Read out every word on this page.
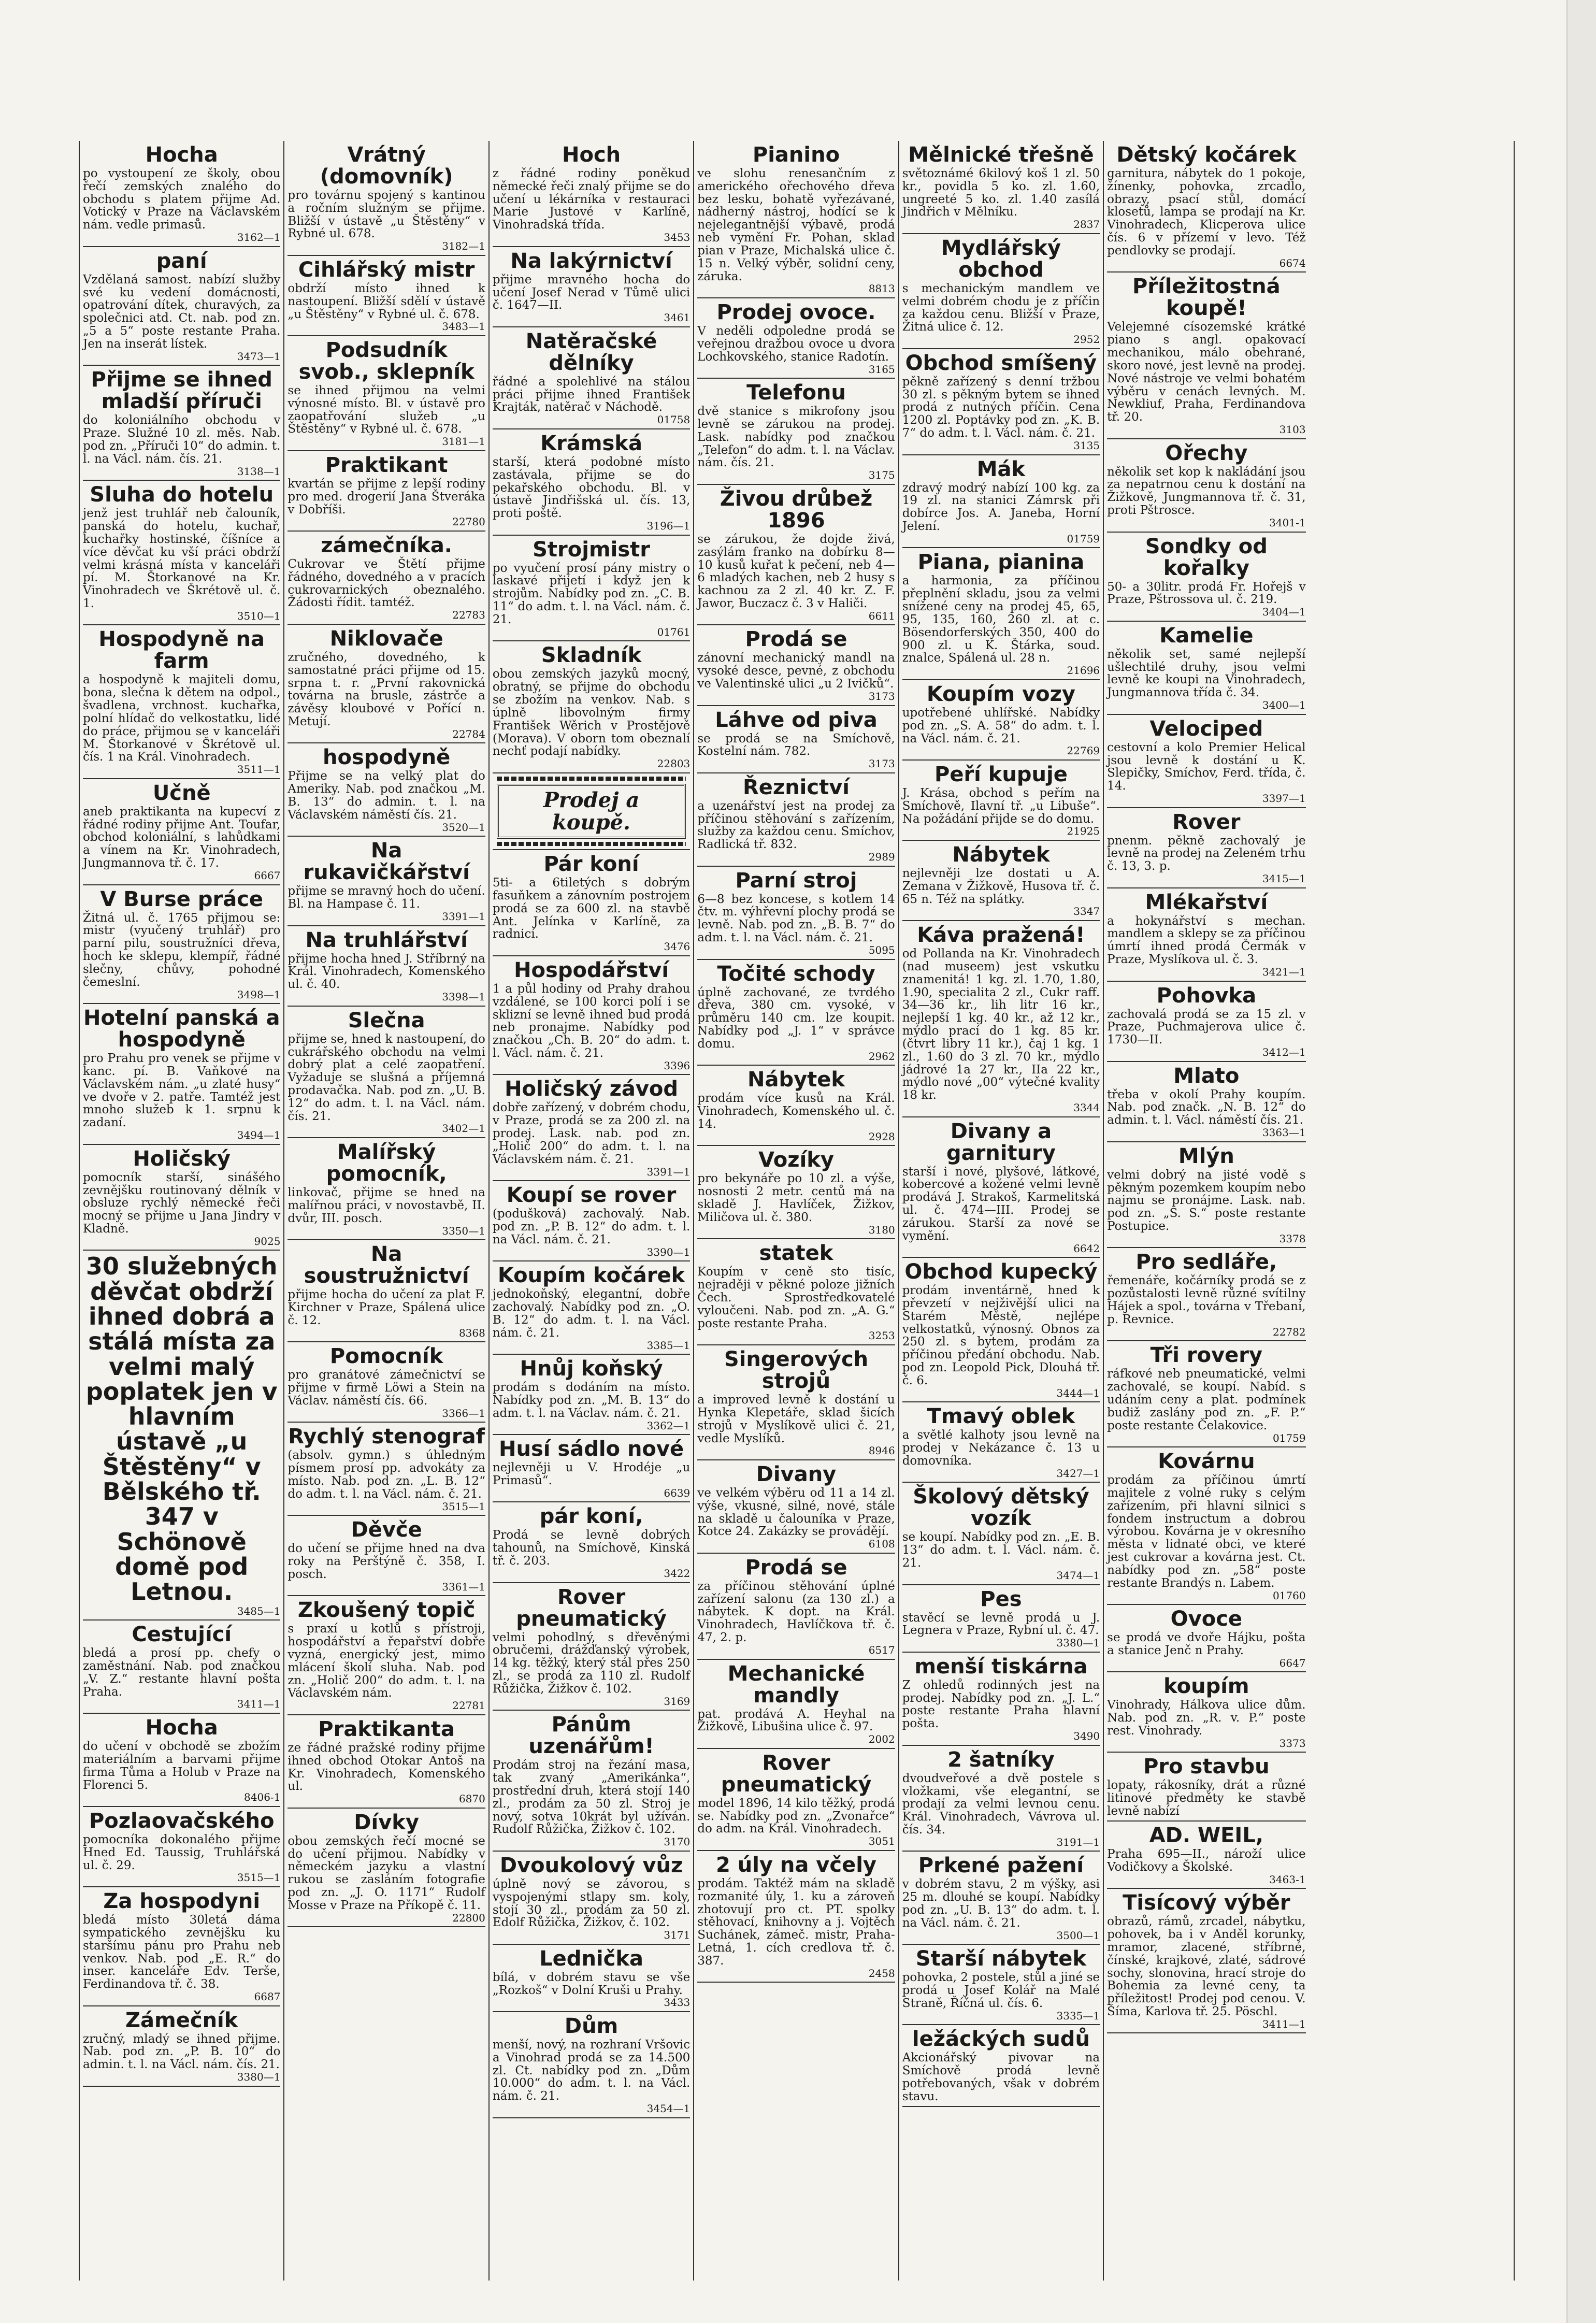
Hocha

po vystoupení ze školy, obou řečí zemských znalého do obchodu s platem přijme Ad. Votický v Praze na Václavském nám. vedle primasů.

3162—1
paní

Vzdělaná samost. nabízí služby své ku vedení domácnosti, opatrování dítek, churavých, za společnici atd. Ct. nab. pod zn. „5 a 5“ poste restante Praha. Jen na inserát lístek.

3473—1
Přijme se ihned mladší příruči

do koloniálního obchodu v Praze. Služné 10 zl. měs. Nab. pod zn. „Příruči 10“ do admin. t. l. na Václ. nám. čís. 21.

3138—1
Sluha do hotelu

jenž jest truhlář neb čalouník, panská do hotelu, kuchař, kuchařky hostinské, číšníce a více děvčat ku vší práci obdrží velmi krásná místa v kanceláři pí. M. Štorkanové na Kr. Vinohradech ve Škrétově ul. č. 1.

3510—1
Hospodyně na farm

a hospodyně k majiteli domu, bona, slečna k dětem na odpol., švadlena, vrchnost. kuchařka, polní hlídač do velkostatku, lidé do práce, přijmou se v kanceláři M. Štorkanové v Škrétově ul. čís. 1 na Král. Vinohradech.

3511—1
Učně

aneb praktikanta na kupecví z řádné rodiny přijme Ant. Toufar, obchod koloniální, s lahůdkami a vínem na Kr. Vinohradech, Jungmannova tř. č. 17.

6667
V Burse práce

Žitná ul. č. 1765 přijmou se: mistr (vyučený truhlář) pro parní pilu, soustružníci dřeva, hoch ke sklepu, klempíř, řádné slečny, chůvy, pohodné čemeslní.

3498—1
Hotelní panská a hospodyně

pro Prahu pro venek se přijme v kanc. pí. B. Vaňkové na Václavském nám. „u zlaté husy“ ve dvoře v 2. patře. Tamtéž jest mnoho služeb k 1. srpnu k zadaní.

3494—1
Holičský

pomocník starší, sinášého zevnějšku routinovaný dělník v obsluze rychlý německé řeči mocný se přijme u Jana Jindry v Kladně.

9025
30 služebných děvčat obdrží ihned dobrá a stálá místa za velmi malý poplatek jen v hlavním ústavě „u Štěstěny“ v Bělského tř. 347 v Schönově domě pod Letnou.
3485—1
Cestující

bledá a prosí pp. chefy o zaměstnání. Nab. pod značkou „V. Z.“ restante hlavní pošta Praha.

3411—1
Hocha

do učení v obchodě se zbožím materiálním a barvami přijme firma Tůma a Holub v Praze na Florenci 5.

8406-1
Pozlaovačského

pomocníka dokonalého přijme Hned Ed. Taussig, Truhlářská ul. č. 29.

3515—1
Za hospodyni

bledá místo 30letá dáma sympatického zevnějšku ku staršímu pánu pro Prahu neb venkov. Nab. pod „E. R.“ do inser. kanceláře Edv. Terše, Ferdinandova tř. č. 38.

6687
Zámečník

zručný, mladý se ihned přijme. Nab. pod zn. „P. B. 10“ do admin. t. l. na Václ. nám. čís. 21.

3380—1
Vrátný (domovník)

pro továrnu spojený s kantinou a ročním služným se přijme. Bližší v ústavě „u Štěstěny“ v Rybné ul. 678.

3182—1
Cihlářský mistr

obdrží místo ihned k nastoupení. Bližší sdělí v ústavě „u Štěstěny“ v Rybné ul. č. 678.

3483—1
Podsudník svob., sklepník

se ihned přijmou na velmi výnosné místo. Bl. v ústavě pro zaopatřování služeb „u Štěstěny“ v Rybné ul. č. 678.

3181—1
Praktikant

kvartán se přijme z lepší rodiny pro med. drogerií Jana Štverákа v Dobříši.

22780
zámečníka.

Cukrovar ve Štětí přijme řádného, dovedného a v pracích cukrovarnických obeznalého. Žádosti řídit. tamtéž.

22783
Niklovače

zručného, dovedného, k samostatné práci přijme od 15. srpna t. r. „První rakovnická továrna na brusle, zástrče a závěsy kloubové v Pořící n. Metují.

22784
hospodyně

Přijme se na velký plat do Ameriky. Nab. pod značkou „M. B. 13“ do admin. t. l. na Václavském náměstí čís. 21.

3520—1
Na rukavičkářství

přijme se mravný hoch do učení. Bl. na Hampase č. 11.

3391—1
Na truhlářství

přijme hocha hned J. Stříbrný na Král. Vinohradech, Komenského ul. č. 40.

3398—1
Slečna

přijme se, hned k nastoupení, do cukrářského obchodu na velmi dobrý plat a celé zaopatření. Vyžaduje se slušná a příjemná prodavačka. Nab. pod zn. „U. B. 12“ do adm. t. l. na Václ. nám. čís. 21.

3402—1
Malířský pomocník,

linkovač, přijme se hned na malířnou práci, v novostavbě, II. dvůr, III. posch.

3350—1
Na soustružnictví

přijme hocha do učení za plat F. Kirchner v Praze, Spálená ulice č. 12.

8368
Pomocník

pro granátové zámečnictví se přijme v firmě Löwi a Stein na Václav. náměstí čís. 66.

3366—1
Rychlý stenograf

(absolv. gymn.) s úhledným písmem prosí pp. advokáty za místo. Nab. pod zn. „L. B. 12“ do adm. t. l. na Václ. nám. č. 21.

3515—1
Děvče

do učení se přijme hned na dva roky na Perštýně č. 358, I. posch.

3361—1
Zkoušený topič

s praxí u kotlů s přístroji, hospodářství a řepařství dobře vyzná, energický jest, mimo mlácení školí sluha. Nab. pod zn. „Holič 200“ do adm. t. l. na Václavském nám.

22781
Praktikanta

ze řádné pražské rodiny přijme ihned obchod Otokar Antoš na Kr. Vinohradech, Komenského ul.

6870
Dívky

obou zemských řečí mocné se do učení přijmou. Nabídky v německém jazyku a vlastní rukou se zasláním fotografie pod zn. „J. O. 1171“ Rudolf Mosse v Praze na Příkopě č. 11.

22800
Hoch

z řádné rodiny poněkud německé řeči znalý přijme se do učení u lékárníka v restauraci Marie Justové v Karlíně, Vinohradská třída.

3453
Na lakýrnictví

přijme mravného hocha do učení Josef Nerad v Tůmě ulici č. 1647—II.

3461
Natěračské dělníky

řádné a spolehlivé na stálou práci přijme ihned František Krajták, natěrač v Náchodě.

01758
Krámská

starší, která podobné místo zastávala, přijme se do pekařského obchodu. Bl. v ústavě Jindřišská ul. čís. 13, proti poště.

3196—1
Strojmistr

po vyučení prosí pány mistry o laskavé přijetí i když jen k strojům. Nabídky pod zn. „C. B. 11“ do adm. t. l. na Václ. nám. č. 21.

01761
Skladník

obou zemských jazyků mocný, obratný, se přijme do obchodu se zbožím na venkov. Nab. s úplně libovolným firmy František Wěrich v Prostějově (Morava). V oborn tom obeznalí nechť podají nabídky.

22803
Prodej a koupě.
Pár koní

5ti- a 6tiletých s dobrým fasuňkem a zánovním postrojem prodá se za 600 zl. na stavbě Ant. Jelínka v Karlíně, za radnicí.

3476
Hospodářství

1 a půl hodiny od Prahy drahou vzdálené, se 100 korci polí i se sklizní se levně ihned bud prodá neb pronajme. Nabídky pod značkou „Ch. B. 20“ do adm. t. l. Václ. nám. č. 21.

3396
Holičský závod

dobře zařízený, v dobrém chodu, v Praze, prodá se za 200 zl. na prodej. Lask. nab. pod zn. „Holič 200“ do adm. t. l. na Václavském nám. č. 21.

3391—1
Koupí se rover

(podušková) zachovalý. Nab. pod zn. „P. B. 12“ do adm. t. l. na Václ. nám. č. 21.

3390—1
Koupím kočárek

jednokoňský, elegantní, dobře zachovalý. Nabídky pod zn. „O. B. 12“ do adm. t. l. na Václ. nám. č. 21.

3385—1
Hnůj koňský

prodám s dodáním na místo. Nabídky pod zn. „M. B. 13“ do adm. t. l. na Václav. nám. č. 21.

3362—1
Husí sádlo nové

nejlevněji u V. Hrodéje „u Primasů“.

6639
pár koní,

Prodá se levně dobrých tahounů, na Smíchově, Kinská tř. č. 203.

3422
Rover pneumatický

velmi pohodlný, s dřevěnými obručemi, drážďanský výrobek, 14 kg. těžký, který stál přes 250 zl., se prodá za 110 zl. Rudolf Růžička, Žižkov č. 102.

3169
Pánům uzenářům!

Prodám stroj na řezání masa, tak zvaný „Amerikánka“, prostřední druh, která stojí 140 zl., prodám za 50 zl. Stroj je nový, sotva 10krát byl užíván. Rudolf Růžička, Žižkov č. 102.

3170
Dvoukolový vůz

úplně nový se závorou, s vyspojenými stlapy sm. koly, stojí 30 zl., prodám za 50 zl. Edolf Růžička, Žižkov, č. 102.

3171
Lednička

bílá, v dobrém stavu se vše „Rozkoš“ v Dolní Kruši u Prahy.

3433
Dům

menší, nový, na rozhraní Vršovic a Vinohrad prodá se za 14.500 zl. Ct. nabídky pod zn. „Dům 10.000“ do adm. t. l. na Václ. nám. č. 21.

3454—1
Pianino

ve slohu renesančním z amerického ořechového dřeva bez lesku, bohatě vyřezávané, nádherný nástroj, hodící se k nejelegantnější výbavě, prodá neb vymění Fr. Pohan, sklad pian v Praze, Michalská ulice č. 15 n. Velký výběr, solidní ceny, záruka.

8813
Prodej ovoce.

V neděli odpoledne prodá se veřejnou dražbou ovoce u dvora Lochkovského, stanice Radotín.

3165
Telefonu

dvě stanice s mikrofony jsou levně se zárukou na prodej. Lask. nabídky pod značkou „Telefon“ do adm. t. l. na Václav. nám. čís. 21.

3175
Živou drůbež 1896

se zárukou, že dojde živá, zasýlám franko na dobírku 8—10 kusů kuřat k pečení, neb 4—6 mladých kachen, neb 2 husy s kachnou za 2 zl. 40 kr. Z. F. Jawor, Buczacz č. 3 v Haliči.

6611
Prodá se

zánovní mechanický mandl na vysoké desce, pevné, z obchodu ve Valentinské ulici „u 2 Ivičků“.

3173
Láhve od piva

se prodá se na Smíchově, Kostelní nám. 782.

3173
Řeznictví

a uzenářství jest na prodej za příčinou stěhování s zařízením, služby za každou cenu. Smíchov, Radlická tř. 832.

2989
Parní stroj

6—8 bez koncese, s kotlem 14 čtv. m. výhřevní plochy prodá se levně. Nab. pod zn. „B. B. 7“ do adm. t. l. na Václ. nám. č. 21.

5095
Točité schody

úplně zachované, ze tvrdého dřeva, 380 cm. vysoké, v průměru 140 cm. lze koupit. Nabídky pod „J. 1“ v správce domu.

2962
Nábytek

prodám více kusů na Král. Vinohradech, Komenského ul. č. 14.

2928
Vozíky

pro bekynáře po 10 zl. a výše, nosnosti 2 metr. centů má na skladě J. Havlíček, Žižkov, Miličova ul. č. 380.

3180
statek

Koupím v ceně sto tisíc, nejraději v pěkné poloze jižních Čech. Sprostředkovatelé vyloučeni. Nab. pod zn. „A. G.“ poste restante Praha.

3253
Singerových strojů

a improved levně k dostání u Hynka Klepetáře, sklad šicích strojů v Myslíkově ulici č. 21, vedle Myslíků.

8946
Divany

ve velkém výběru od 11 a 14 zl. výše, vkusné, silné, nové, stále na skladě u čalouníka v Praze, Kotce 24. Zakázky se provádějí.

6108
Prodá se

za příčinou stěhování úplné zařízení salonu (za 130 zl.) a nábytek. K dopt. na Král. Vinohradech, Havlíčkova tř. č. 47, 2. p.

6517
Mechanické mandly

pat. prodává A. Heyhal na Žižkově, Libušina ulice č. 97.

2002
Rover pneumatický

model 1896, 14 kilo těžký, prodá se. Nabídky pod zn. „Zvonařce“ do adm. na Král. Vinohradech.

3051
2 úly na včely

prodám. Taktéž mám na skladě rozmanité úly, 1. ku a zároveň zhotovují pro ct. PT. spolky stěhovací, knihovny a j. Vojtěch Suchánek, zámeč. mistr, Praha-Letná, 1. cích credlova tř. č. 387.

2458
Mělnické třešně

světoznámé 6kilový koš 1 zl. 50 kr., povidla 5 ko. zl. 1.60, ungreeté 5 ko. zl. 1.40 zasílá Jindřich v Mělníku.

2837
Mydlářský obchod

s mechanickým mandlem ve velmi dobrém chodu je z příčin za každou cenu. Bližší v Praze, Žitná ulice č. 12.

2952
Obchod smíšený

pěkně zařízený s denní tržbou 30 zl. s pěkným bytem se ihned prodá z nutných příčin. Cena 1200 zl. Poptávky pod zn. „K. B. 7“ do adm. t. l. Václ. nám. č. 21.

3135
Mák

zdravý modrý nabízí 100 kg. za 19 zl. na stanici Zámrsk při dobírce Jos. A. Janeba, Horní Jelení.

01759
Piana, pianina

a harmonia, za příčinou přeplnění skladu, jsou za velmi snížené ceny na prodej 45, 65, 95, 135, 160, 260 zl. at c. Bösendorferských 350, 400 do 900 zl. u K. Štárka, soud. znalce, Spálená ul. 28 n.

21696
Koupím vozy

upotřebené uhlířské. Nabídky pod zn. „S. A. 58“ do adm. t. l. na Václ. nám. č. 21.

22769
Peří kupuje

J. Krása, obchod s peřím na Smíchově, Ilavní tř. „u Libuše“. Na požádání přijde se do domu.

21925
Nábytek

nejlevněji lze dostati u A. Zemana v Žižkově, Husova tř. č. 65 n. Též na splátky.

3347
Káva pražená!

od Pollanda na Kr. Vinohradech (nad museem) jest vskutku znamenitá! 1 kg. zl. 1.70, 1.80, 1.90, specialita 2 zl., Cukr raff. 34—36 kr., lih litr 16 kr., nejlepší 1 kg. 40 kr., až 12 kr., mýdlo prací do 1 kg. 85 kr. (čtvrt libry 11 kr.), čaj 1 kg. 1 zl., 1.60 do 3 zl. 70 kr., mýdlo jádrové 1a 27 kr., IIa 22 kr., mýdlo nové „00“ výtečné kvality 18 kr.

3344
Divany a garnitury

starší i nové, plyšové, látkové, kobercové a kožené velmi levně prodává J. Strakoš, Karmelitská ul. č. 474—III. Prodej se zárukou. Starší za nové se vymění.

6642
Obchod kupecký

prodám inventárně, hned k převzetí v nejživější ulici na Starém Městě, nejlépe velkostatků, výnosný. Obnos za 250 zl. s bytem, prodám za příčinou předání obchodu. Nab. pod zn. Leopold Pick, Dlouhá tř. č. 6.

3444—1
Tmavý oblek

a světlé kalhoty jsou levně na prodej v Nekázance č. 13 u domovníka.

3427—1
Školový dětský vozík

se koupí. Nabídky pod zn. „E. B. 13“ do adm. t. l. Václ. nám. č. 21.

3474—1
Pes

stavěcí se levně prodá u J. Legnera v Praze, Rybní ul. č. 47.

3380—1
menší tiskárna

Z ohledů rodinných jest na prodej. Nabídky pod zn. „J. L.“ poste restante Praha hlavní pošta.

3490
2 šatníky

dvoudveřové a dvě postele s vložkami, vše elegantní, se prodají za velmi levnou cenu. Král. Vinohradech, Vávrova ul. čís. 34.

3191—1
Prkené pažení

v dobrém stavu, 2 m výšky, asi 25 m. dlouhé se koupí. Nabídky pod zn. „U. B. 13“ do adm. t. l. na Václ. nám. č. 21.

3500—1
Starší nábytek

pohovka, 2 postele, stůl a jiné se prodá u Josef Kolář na Malé Straně, Říčná ul. čís. 6.

3335—1
ležáckých sudů

Akcionářský pivovar na Smíchově prodá levně potřebovaných, však v dobrém stavu.

Dětský kočárek

garnitura, nábytek do 1 pokoje, žínenky, pohovka, zrcadlo, obrazy, psací stůl, domácí klosetů, lampa se prodají na Kr. Vinohradech, Klicperova ulice čís. 6 v přízemí v levo. Též pendlovky se prodají.

6674
Příležitostná koupě!

Velejemné císozemské krátké piano s angl. opakovací mechanikou, málo obehrané, skoro nové, jest levně na prodej. Nové nástroje ve velmi bohatém výběru v cenách levných. M. Newkliuf, Praha, Ferdinandova tř. 20.

3103
Ořechy

několik set kop k nakládání jsou za nepatrnou cenu k dostání na Žižkově, Jungmannova tř. č. 31, proti Pštrosce.

3401-1
Sondky od kořalky

50- a 30litr. prodá Fr. Hořejš v Praze, Pštrossova ul. č. 219.

3404—1
Kamelie

několik set, samé nejlepší ušlechtilé druhy, jsou velmi levně ke koupi na Vinohradech, Jungmannova třída č. 34.

3400—1
Velociped

cestovní a kolo Premier Helical jsou levně k dostání u K. Slepičky, Smíchov, Ferd. třída, č. 14.

3397—1
Rover

pnenm. pěkně zachovalý je levně na prodej na Zeleném trhu č. 13, 3. p.

3415—1
Mlékařství

a hokynářství s mechan. mandlem a sklepy se za příčinou úmrtí ihned prodá Čermák v Praze, Myslíkova ul. č. 3.

3421—1
Pohovka

zachovalá prodá se za 15 zl. v Praze, Puchmajerova ulice č. 1730—II.

3412—1
Mlato

třeba v okolí Prahy koupím. Nab. pod značk. „N. B. 12“ do admin. t. l. Václ. náměstí čís. 21.

3363—1
Mlýn

velmi dobrý na jisté vodě s pěkným pozemkem koupím nebo najmu se pronájme. Lask. nab. pod zn. „S. S.“ poste restante Postupice.

3378
Pro sedláře,

řemenáře, kočárníky prodá se z pozůstalosti levně různé svítilny Hájek a spol., továrna v Třebaní, p. Revnice.

22782
Tři rovery

ráfkové neb pneumatické, velmi zachovalé, se koupí. Nabíd. s udáním ceny a plat. podmínek budiž zaslány pod zn. „F. P.“ poste restante Čelakovice.

01759
Kovárnu

prodám za příčinou úmrtí majitele z volné ruky s celým zařízením, při hlavní silnici s fondem instructum a dobrou výrobou. Kovárna je v okresního města v lidnaté obci, ve které jest cukrovar a kovárna jest. Ct. nabídky pod zn. „58“ poste restante Brandýs n. Labem.

01760
Ovoce

se prodá ve dvoře Hájku, pošta a stanice Jenč n Prahy.

6647
koupím

Vinohrady, Hálkova ulice dům. Nab. pod zn. „R. v. P.“ poste rest. Vinohrady.

3373
Pro stavbu

lopaty, rákosníky, drát a různé litinové předměty ke stavbě levně nabízí

AD. WEIL,

Praha 695—II., nároží ulice Vodičkovy a Školské.

3463-1
Tisícový výběr

obrazů, rámů, zrcadel, nábytku, pohovek, ba i v Anděl korunky, mramor, zlacené, stříbrné, čínské, krajkové, zlaté, sádrové sochy, slonovina, hrací stroje do Bohemia za levné ceny, ta příležitost! Prodej pod cenou. V. Šíma, Karlova tř. 25. Pöschl.

3411—1
